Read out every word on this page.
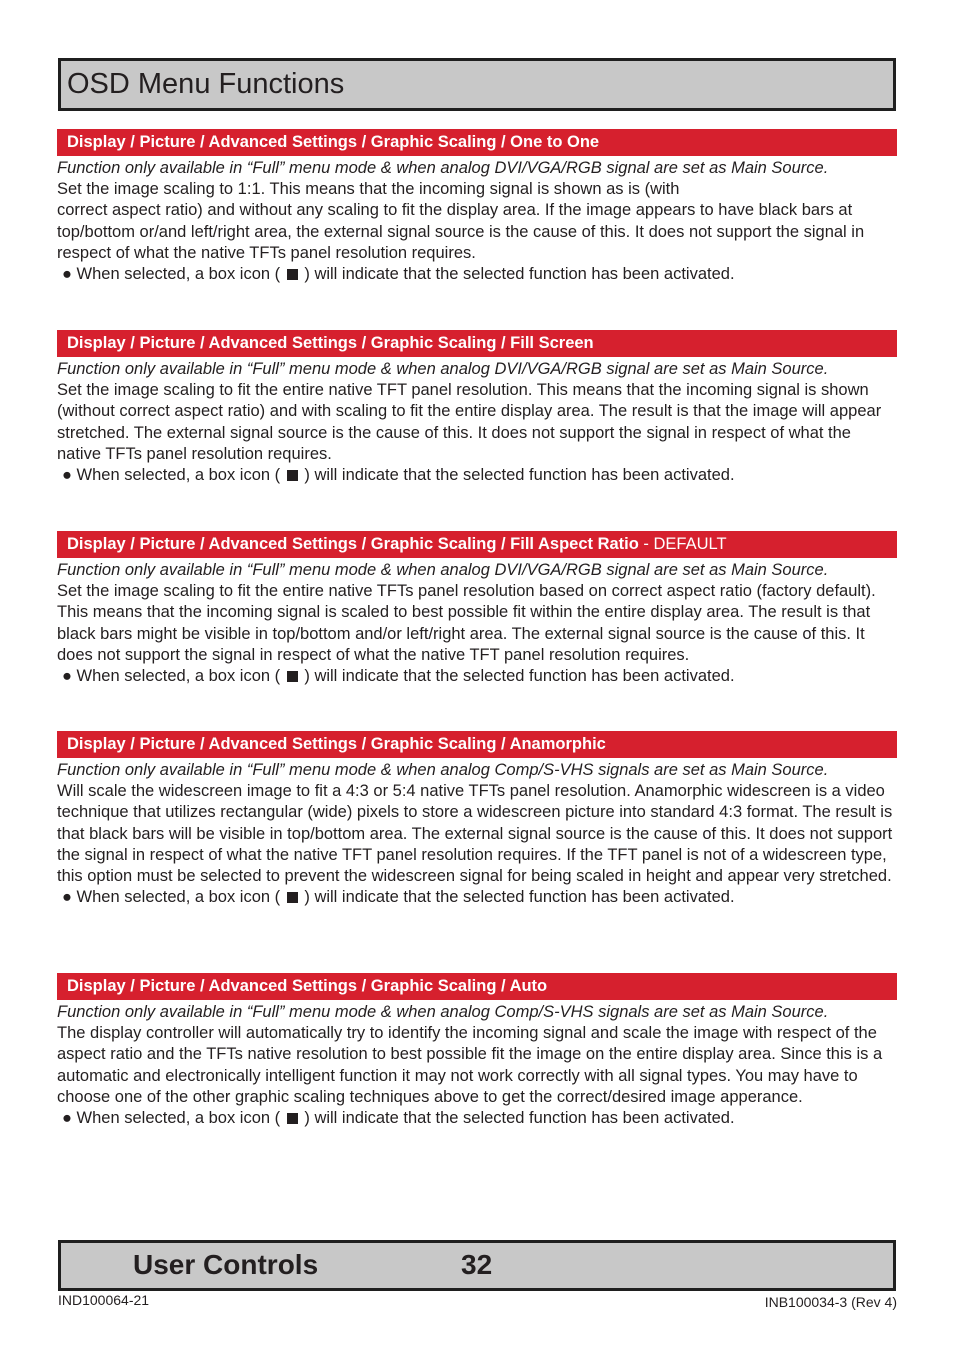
OSD Menu Functions
Display / Picture / Advanced Settings / Graphic Scaling / One to One
Function only available in “Full” menu mode & when analog DVI/VGA/RGB signal are set as Main Source.
Set the image scaling to 1:1. This means that the incoming signal is shown as is (with
correct aspect ratio) and without any scaling to fit the display area. If the image appears to have black bars at top/bottom or/and left/right area, the external signal source is the cause of this. It does not support the signal in respect of what the native TFTs panel resolution requires.
● When selected, a box icon ( ) will indicate that the selected function has been activated.
Display / Picture / Advanced Settings / Graphic Scaling / Fill Screen
Function only available in “Full” menu mode & when analog DVI/VGA/RGB signal are set as Main Source.
Set the image scaling to fit the entire native TFT panel resolution. This means that the incoming signal is shown (without correct aspect ratio) and with scaling to fit the entire display area. The result is that the image will appear stretched. The external signal source is the cause of this. It does not support the signal in respect of what the native TFTs panel resolution requires.
● When selected, a box icon ( ) will indicate that the selected function has been activated.
Display / Picture / Advanced Settings / Graphic Scaling / Fill Aspect Ratio - DEFAULT
Function only available in “Full” menu mode & when analog DVI/VGA/RGB signal are set as Main Source.
Set the image scaling to fit the entire native TFTs panel resolution based on correct aspect ratio (factory default). This means that the incoming signal is scaled to best possible fit within the entire display area. The result is that black bars might be visible in top/bottom and/or left/right area. The external signal source is the cause of this. It does not support the signal in respect of what the native TFT panel resolution requires.
● When selected, a box icon ( ) will indicate that the selected function has been activated.
Display / Picture / Advanced Settings / Graphic Scaling / Anamorphic
Function only available in “Full” menu mode & when analog Comp/S-VHS signals are set as Main Source.
Will scale the widescreen image to fit a 4:3 or 5:4 native TFTs panel resolution. Anamorphic widescreen is a video technique that utilizes rectangular (wide) pixels to store a widescreen picture into standard 4:3 format. The result is that black bars will be visible in top/bottom area. The external signal source is the cause of this. It does not support the signal in respect of what the native TFT panel resolution requires. If the TFT panel is not of a widescreen type, this option must be selected to prevent the widescreen signal for being scaled in height and appear very stretched.
● When selected, a box icon ( ) will indicate that the selected function has been activated.
Display / Picture / Advanced Settings / Graphic Scaling / Auto
Function only available in “Full” menu mode & when analog Comp/S-VHS signals are set as Main Source.
The display controller will automatically try to identify the incoming signal and scale the image with respect of the aspect ratio and the TFTs native resolution to best possible fit the image on the entire display area. Since this is a automatic and electronically intelligent function it may not work correctly with all signal types. You may have to choose one of the other graphic scaling techniques above to get the correct/desired image apperance.
● When selected, a box icon ( ) will indicate that the selected function has been activated.
User Controls	32
IND100064-21	INB100034-3 (Rev 4)
